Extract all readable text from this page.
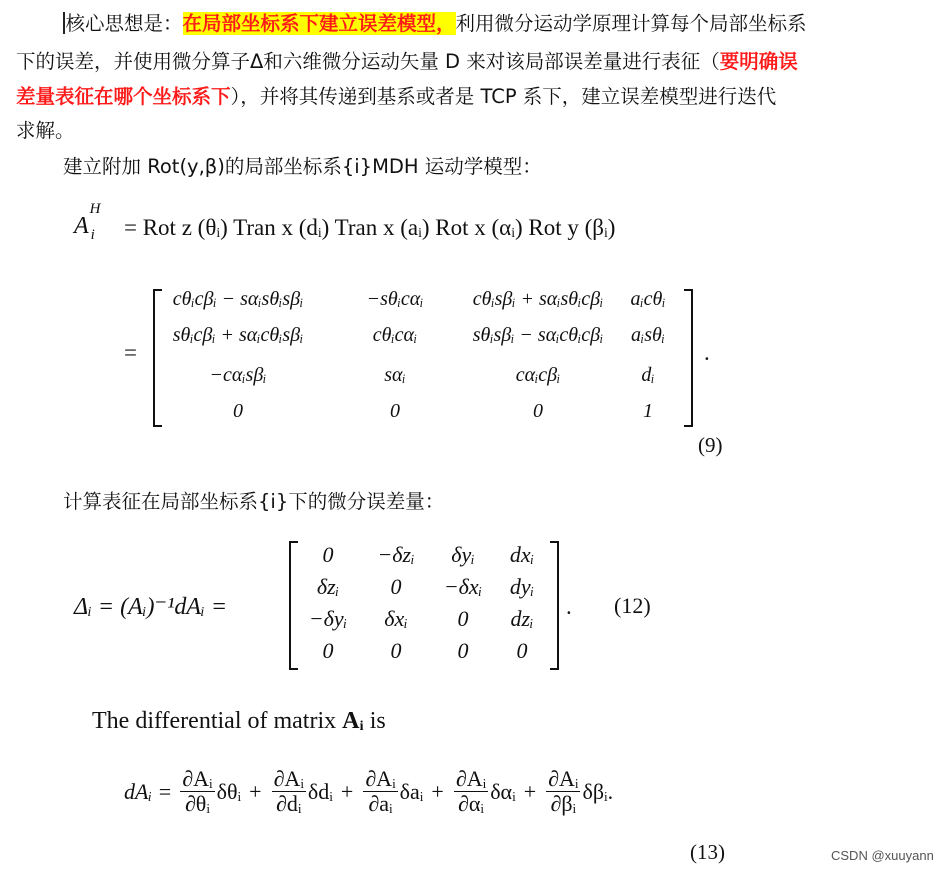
核心思想是：在局部坐标系下建立误差模型，利用微分运动学原理计算每个局部坐标系
下的误差，并使用微分算子Δ和六维微分运动矢量 D 来对该局部误差量进行表征（要明确误
差量表征在哪个坐标系下），并将其传递到基系或者是 TCP 系下，建立误差模型进行迭代
求解。
建立附加 Rot(y,β)的局部坐标系{i}MDH 运动学模型：
A
H
i = Rot z (θᵢ) Tran x (dᵢ) Tran x (aᵢ) Rot x (αᵢ) Rot y (βᵢ)
=
cθᵢcβᵢ − sαᵢsθᵢsβᵢ	−sθᵢcαᵢ	cθᵢsβᵢ + sαᵢsθᵢcβᵢ	aᵢcθᵢ
sθᵢcβᵢ + sαᵢcθᵢsβᵢ	cθᵢcαᵢ	sθᵢsβᵢ − sαᵢcθᵢcβᵢ	aᵢsθᵢ
−cαᵢsβᵢ	sαᵢ	cαᵢcβᵢ	dᵢ
0	0	0	1
.
(9)
计算表征在局部坐标系{i}下的微分误差量：
Δᵢ = (Aᵢ)⁻¹dAᵢ =
0	−δzᵢ	δyᵢ	dxᵢ
δzᵢ	0	−δxᵢ	dyᵢ
−δyᵢ	δxᵢ	0	dzᵢ
0	0	0	0
. (12)
The differential of matrix Aᵢ is
dAᵢ = $\frac{\text{∂Aᵢ}}{\text{∂θᵢ}}$ δθᵢ + $\frac{\text{∂Aᵢ}}{\text{∂dᵢ}}$ δdᵢ + $\frac{\text{∂Aᵢ}}{\text{∂aᵢ}}$ δaᵢ + $\frac{\text{∂Aᵢ}}{\text{∂αᵢ}}$ δαᵢ + $\frac{\text{∂Aᵢ}}{\text{∂βᵢ}}$ δβᵢ.
(13)	CSDN @xuuyann
